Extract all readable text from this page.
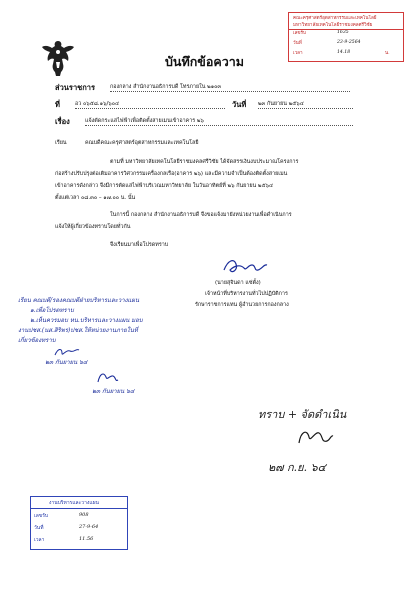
บันทึกข้อความ
คณะครุศาสตร์อุตสาหกรรมและเทคโนโลยี
มหาวิทยาลัยเทคโนโลยีราชมงคลศรีวิชัย
เลขรับ	1635
วันที่	23-9-2564
เวลา	14.18	น.
ส่วนราชการ	กองกลาง สำนักงานอธิการบดี โทรภายใน ๒๑๐๓
ที่	อว ๐๖๕๘.๑๖/๖๐๔	วันที่ ๒๓ กันยายน ๒๕๖๔
เรื่อง	แจ้งตัดกระแสไฟฟ้าเพื่อติดตั้งสายเมนเข้าอาคาร ๒๖
เรียน	คณบดีคณะครุศาสตร์อุตสาหกรรมและเทคโนโลยี
ตามที่ มหาวิทยาลัยเทคโนโลยีราชมงคลศรีวิชัย ได้จัดสรรเงินงบประมาณโครงการ
ก่อสร้างปรับปรุงต่อเติมอาคารวิศวกรรมเครื่องกลเรือ(อาคาร ๒๖) และมีความจำเป็นต้องติดตั้งสายเมน
เข้าอาคารดังกล่าว จึงมีการตัดแสไฟฟ้าบริเวณมหาวิทยาลัย ในวันอาทิตย์ที่ ๒๖ กันยายน ๒๕๖๔
ตั้งแต่เวลา ๐๘.๓๐ – ๑๗.๐๐ น. นั้น
ในการนี้ กองกลาง สำนักงานอธิการบดี จึงขอแจ้งมายังหน่วยงานเพื่อดำเนินการ
แจ้งให้ผู้เกี่ยวข้องทราบโดยทั่วกัน
จึงเรียนมาเพื่อโปรดทราบ
(นายสุจินดา แซ่ตั้ง)
เจ้าหน้าที่บริหารงานทั่วไปปฏิบัติการ
รักษาราชการแทน ผู้อำนวยการกองกลาง
เรียน คณบดี/รองคณบดีฝ่ายบริหารและวางแผน
๑.เพื่อโปรดทราบ
๒.เห็นควรมอบ หน.บริหารและวางแผน มอบ
งานปชส.(นส.สิริพร)ปชส.ให้หน่วยงานภายในที่
เกี่ยวข้องทราบ
๒๓ กันยายน ๖๔
๒๓ กันยายน ๖๔
ทราบ + จัดดำเนิน
๒๗ ก.ย. ๖๔
งานบริหารและวางแผน
เลขรับ	908
วันที่	27-9-64
เวลา	11.56
